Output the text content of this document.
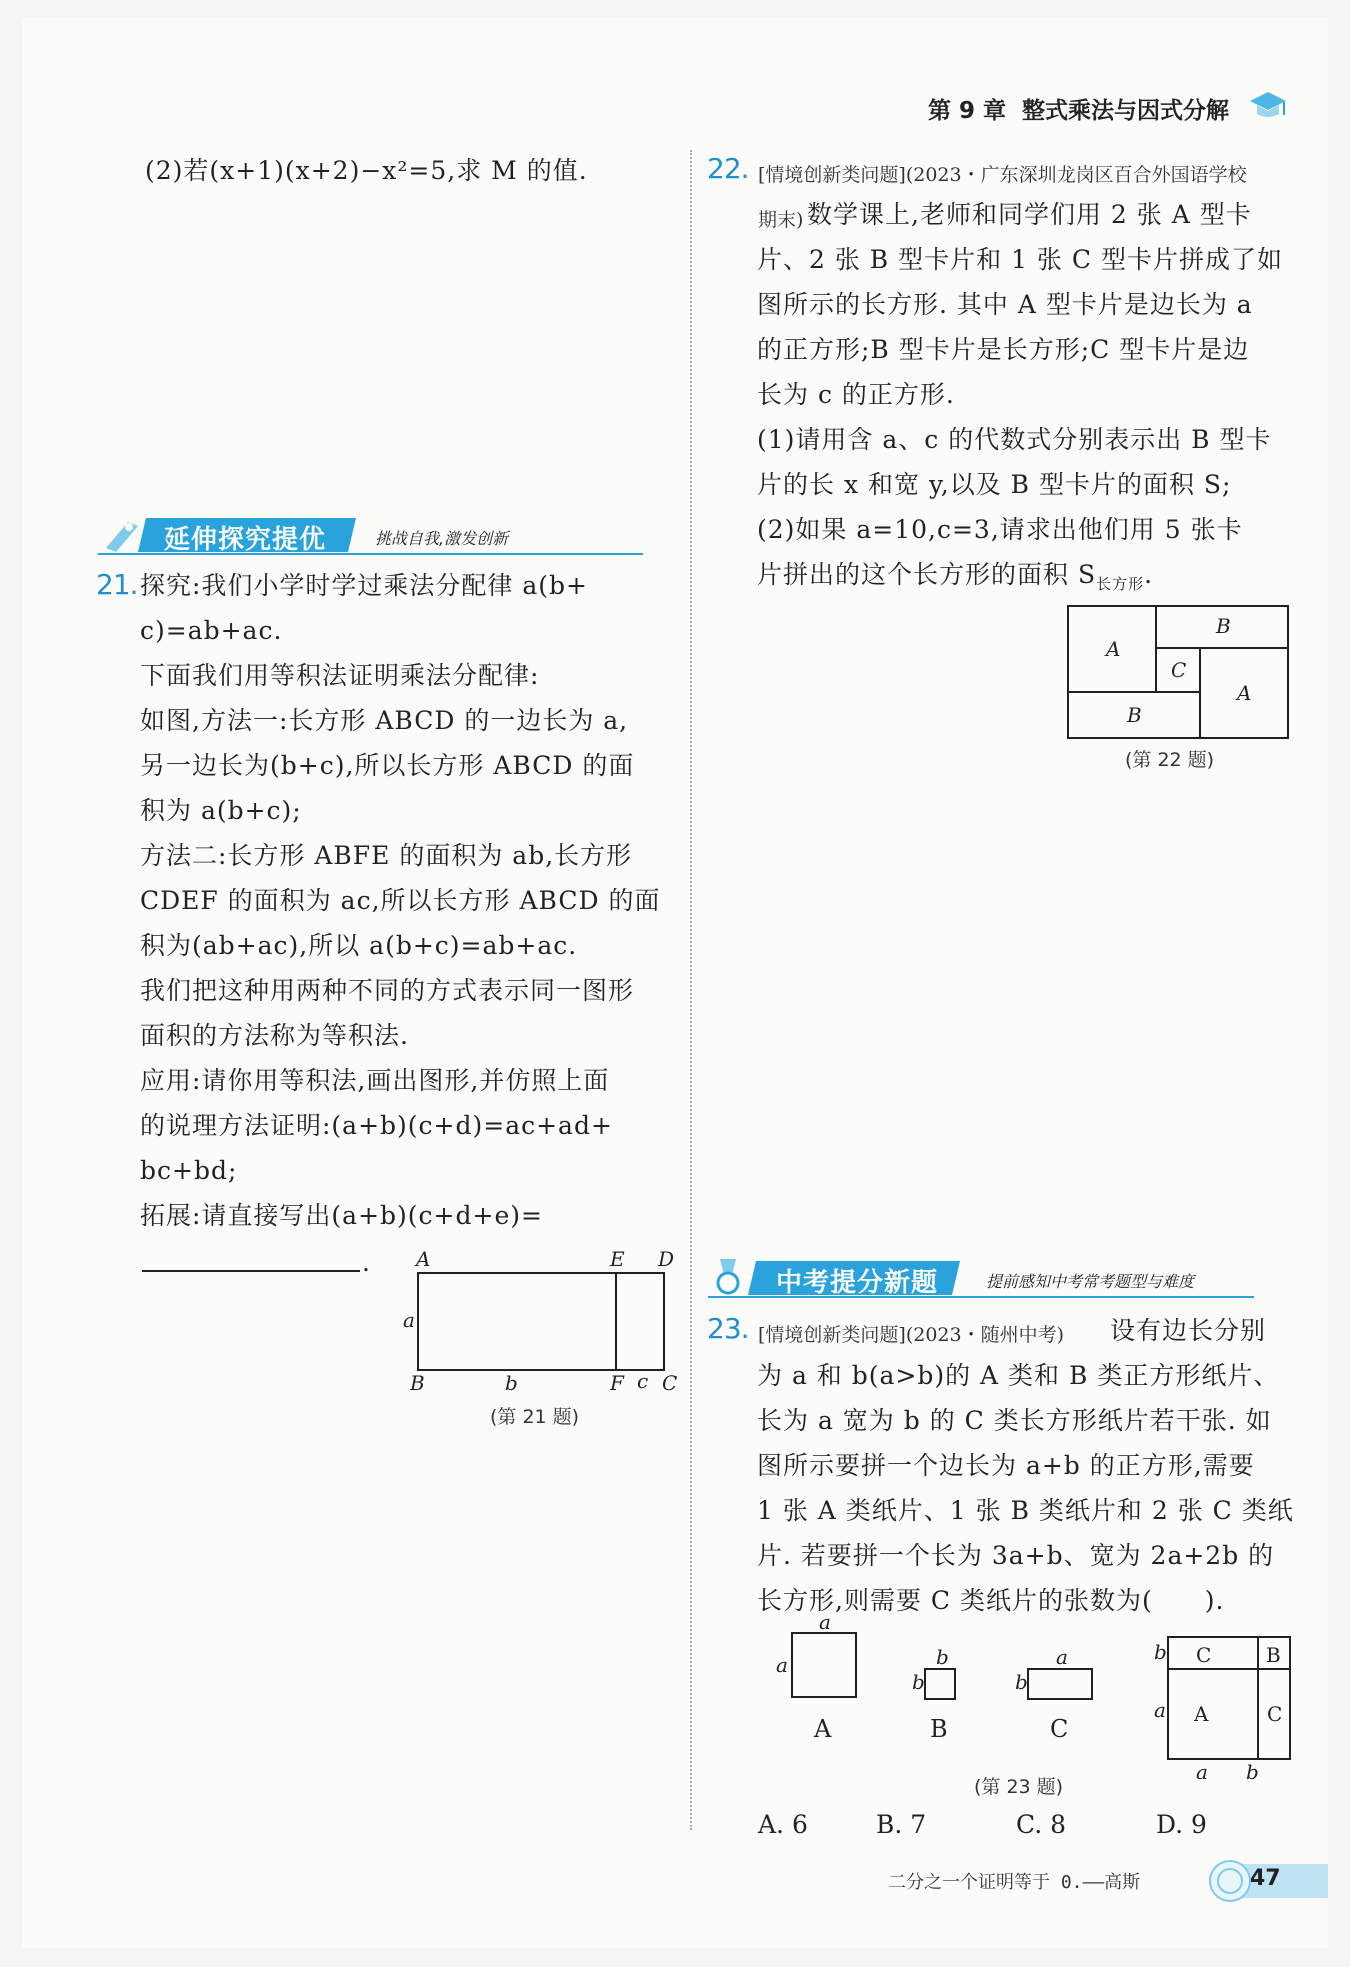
第 9 章 整式乘法与因式分解
(2)若(x+1)(x+2)−x²=5,求 M 的值.
延伸探究提优	挑战自我,激发创新
21. 探究:我们小学时学过乘法分配律 a(b+
c)=ab+ac.
下面我们用等积法证明乘法分配律:
如图,方法一:长方形 ABCD 的一边长为 a,
另一边长为(b+c),所以长方形 ABCD 的面
积为 a(b+c);
方法二:长方形 ABFE 的面积为 ab,长方形
CDEF 的面积为 ac,所以长方形 ABCD 的面
积为(ab+ac),所以 a(b+c)=ab+ac.
我们把这种用两种不同的方式表示同一图形
面积的方法称为等积法.
应用:请你用等积法,画出图形,并仿照上面
的说理方法证明:(a+b)(c+d)=ac+ad+
bc+bd;
拓展:请直接写出(a+b)(c+d+e)=
. A	E D
a
B	b	F c C
(第 21 题)
22. [情境创新类问题](2023・广东深圳龙岗区百合外国语学校
期末) 数学课上,老师和同学们用 2 张 A 型卡
片、2 张 B 型卡片和 1 张 C 型卡片拼成了如
图所示的长方形. 其中 A 型卡片是边长为 a
的正方形;B 型卡片是长方形;C 型卡片是边
长为 c 的正方形.
(1)请用含 a、c 的代数式分别表示出 B 型卡
片的长 x 和宽 y,以及 B 型卡片的面积 S;
(2)如果 a=10,c=3,请求出他们用 5 张卡
片拼出的这个长方形的面积 $S_{长方形}$.
B
A
C
A
B
(第 22 题)
中考提分新题	提前感知中考常考题型与难度
23. [情境创新类问题](2023・随州中考) 设有边长分别
为 a 和 b(a>b)的 A 类和 B 类正方形纸片、
长为 a 宽为 b 的 C 类长方形纸片若干张. 如
图所示要拼一个边长为 a+b 的正方形,需要
1 张 A 类纸片、1 张 B 类纸片和 2 张 C 类纸
片. 若要拼一个长为 3a+b、宽为 2a+2b 的
长方形,则需要 C 类纸片的张数为(　　).
a
a
A
b
b
B
a
b
C
C	B
A	C
b
a
a b
(第 23 题)
A. 6	B. 7	C. 8	D. 9
二分之一个证明等于 0.——高斯	47
